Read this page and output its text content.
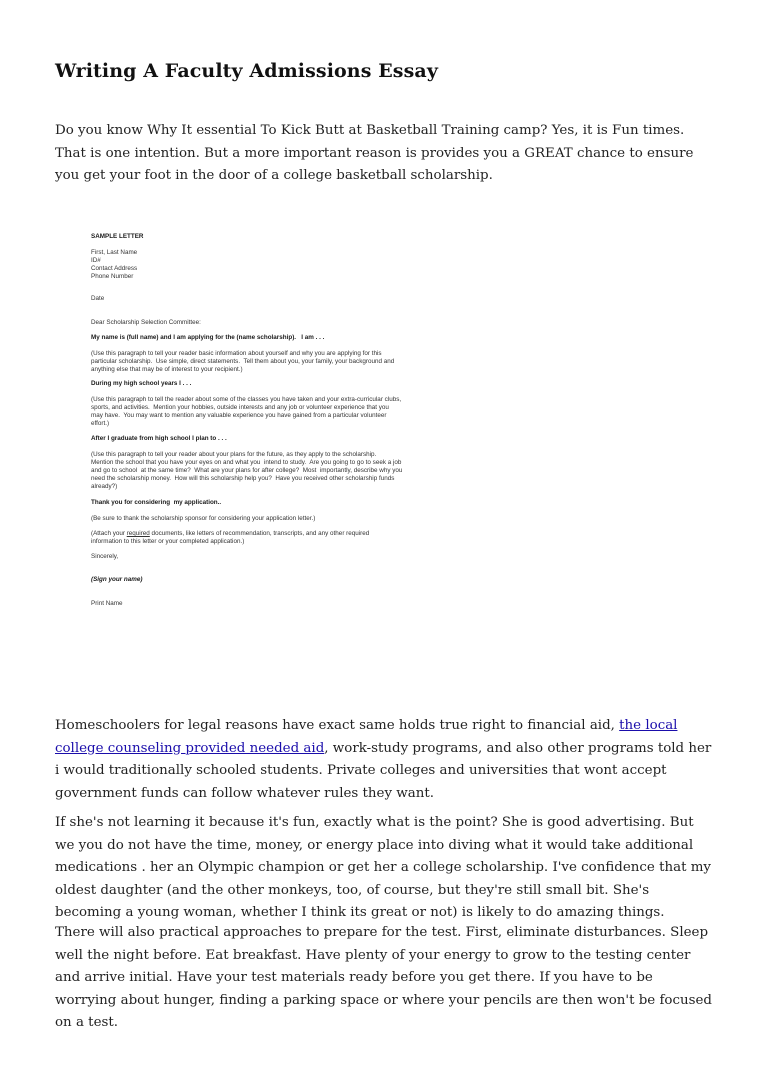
Writing A Faculty Admissions Essay

Do you know Why It essential To Kick Butt at Basketball Training camp? Yes, it is Fun times. That is one intention. But a more important reason is provides you a GREAT chance to ensure you get your foot in the door of a college basketball scholarship.

SAMPLE LETTER
First, Last Name
ID#
Contact Address
Phone Number
Date
Dear Scholarship Selection Committee:
My name is (full name) and I am applying for the (name scholarship).   I am . . .
(Use this paragraph to tell your reader basic information about yourself and why you are applying for this
particular scholarship.  Use simple, direct statements.  Tell them about you, your family, your background and
anything else that may be of interest to your recipient.)
During my high school years I . . .
(Use this paragraph to tell the reader about some of the classes you have taken and your extra-curricular clubs,
sports, and activities.  Mention your hobbies, outside interests and any job or volunteer experience that you
may have.  You may want to mention any valuable experience you have gained from a particular volunteer
effort.)
After I graduate from high school I plan to . . .
(Use this paragraph to tell your reader about your plans for the future, as they apply to the scholarship.
Mention the school that you have your eyes on and what you  intend to study.  Are you going to go to seek a job
and go to school  at the same time?  What are your plans for after college?  Most  importantly, describe why you
need the scholarship money.  How will this scholarship help you?  Have you received other scholarship funds
already?)
Thank you for considering  my application..
(Be sure to thank the scholarship sponsor for considering your application letter.)
(Attach your required documents, like letters of recommendation, transcripts, and any other required
information to this letter or your completed application.)
Sincerely,
(Sign your name)
Print Name

Homeschoolers for legal reasons have exact same holds true right to financial aid, the local college counseling provided needed aid, work-study programs, and also other programs told her i would traditionally schooled students. Private colleges and universities that wont accept government funds can follow whatever rules they want.

If she's not learning it because it's fun, exactly what is the point? She is good advertising. But we you do not have the time, money, or energy place into diving what it would take additional medications . her an Olympic champion or get her a college scholarship. I've confidence that my oldest daughter (and the other monkeys, too, of course, but they're still small bit. She's becoming a young woman, whether I think its great or not) is likely to do amazing things.

There will also practical approaches to prepare for the test. First, eliminate disturbances. Sleep well the night before. Eat breakfast. Have plenty of your energy to grow to the testing center and arrive initial. Have your test materials ready before you get there. If you have to be worrying about hunger, finding a parking space or where your pencils are then won't be focused on a test.
